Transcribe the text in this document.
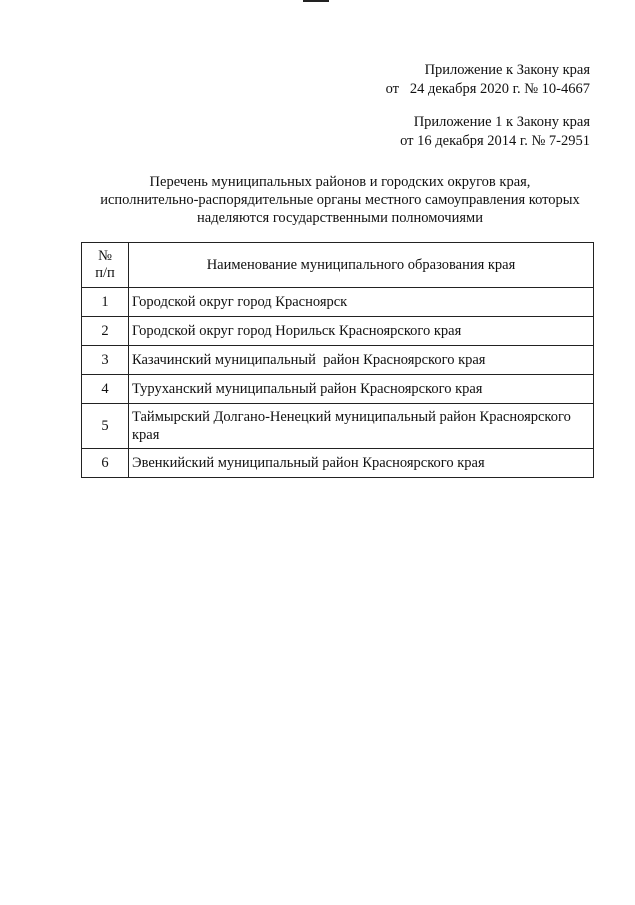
Приложение к Закону края
от   24 декабря 2020 г. № 10-4667
Приложение 1 к Закону края
от 16 декабря 2014 г. № 7-2951
Перечень муниципальных районов и городских округов края,
исполнительно-распорядительные органы местного самоуправления которых
наделяются государственными полномочиями
№
п/п	Наименование муниципального образования края
1	Городской округ город Красноярск
2	Городской округ город Норильск Красноярского края
3	Казачинский муниципальный  район Красноярского края
4	Туруханский муниципальный район Красноярского края
5	Таймырский Долгано-Ненецкий муниципальный район Красноярского края
6	Эвенкийский муниципальный район Красноярского края
